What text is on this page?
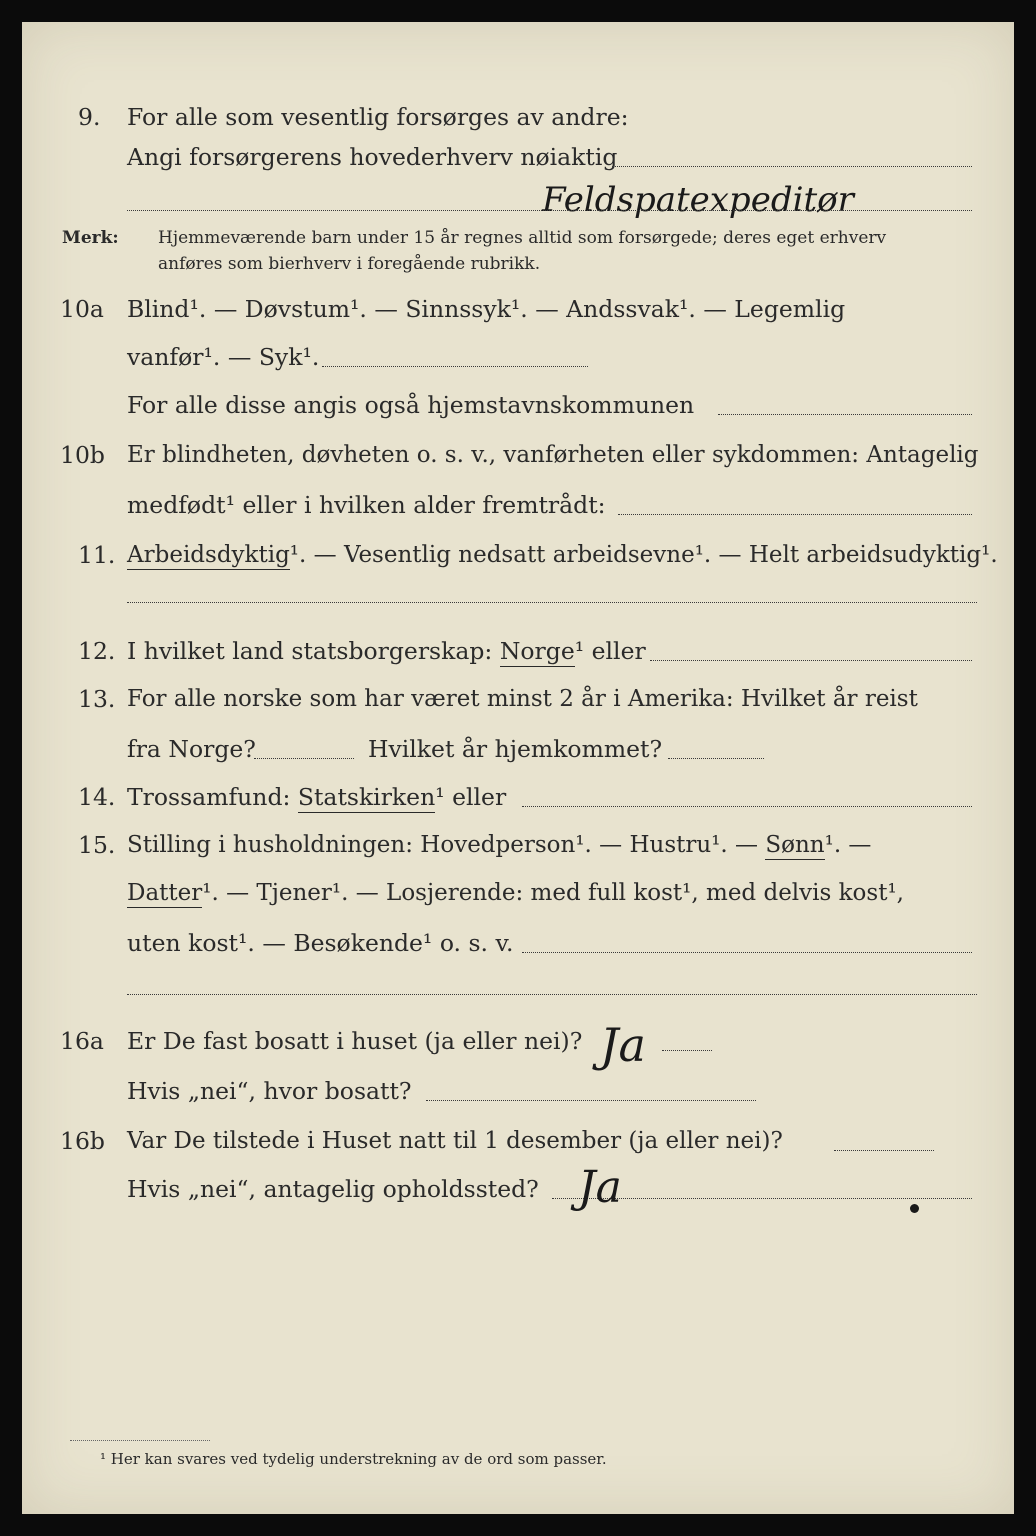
9. For alle som vesentlig forsørges av andre:
Angi forsørgerens hovederhverv nøiaktig
Feldspatexpeditør
Merk: Hjemmeværende barn under 15 år regnes alltid som forsørgede; deres eget erhverv
anføres som bierhverv i foregående rubrikk.
10a Blind¹. — Døvstum¹. — Sinnssyk¹. — Andssvak¹. — Legemlig
vanfør¹. — Syk¹.
For alle disse angis også hjemstavnskommunen
10b Er blindheten, døvheten o. s. v., vanførheten eller sykdommen: Antagelig
medfødt¹ eller i hvilken alder fremtrådt:
11. Arbeidsdyktig¹. — Vesentlig nedsatt arbeidsevne¹. — Helt arbeidsudyktig¹.
12. I hvilket land statsborgerskap: Norge¹ eller
13. For alle norske som har været minst 2 år i Amerika: Hvilket år reist
fra Norge?	Hvilket år hjemkommet?
14. Trossamfund: Statskirken¹ eller
15. Stilling i husholdningen: Hovedperson¹. — Hustru¹. — Sønn¹. —
Datter¹. — Tjener¹. — Losjerende: med full kost¹, med delvis kost¹,
uten kost¹. — Besøkende¹ o. s. v.
16a Er De fast bosatt i huset (ja eller nei)? Ja
Hvis „nei“, hvor bosatt?
16b Var De tilstede i Huset natt til 1 desember (ja eller nei)?
Hvis „nei“, antagelig opholdssted? Ja
¹ Her kan svares ved tydelig understrekning av de ord som passer.
